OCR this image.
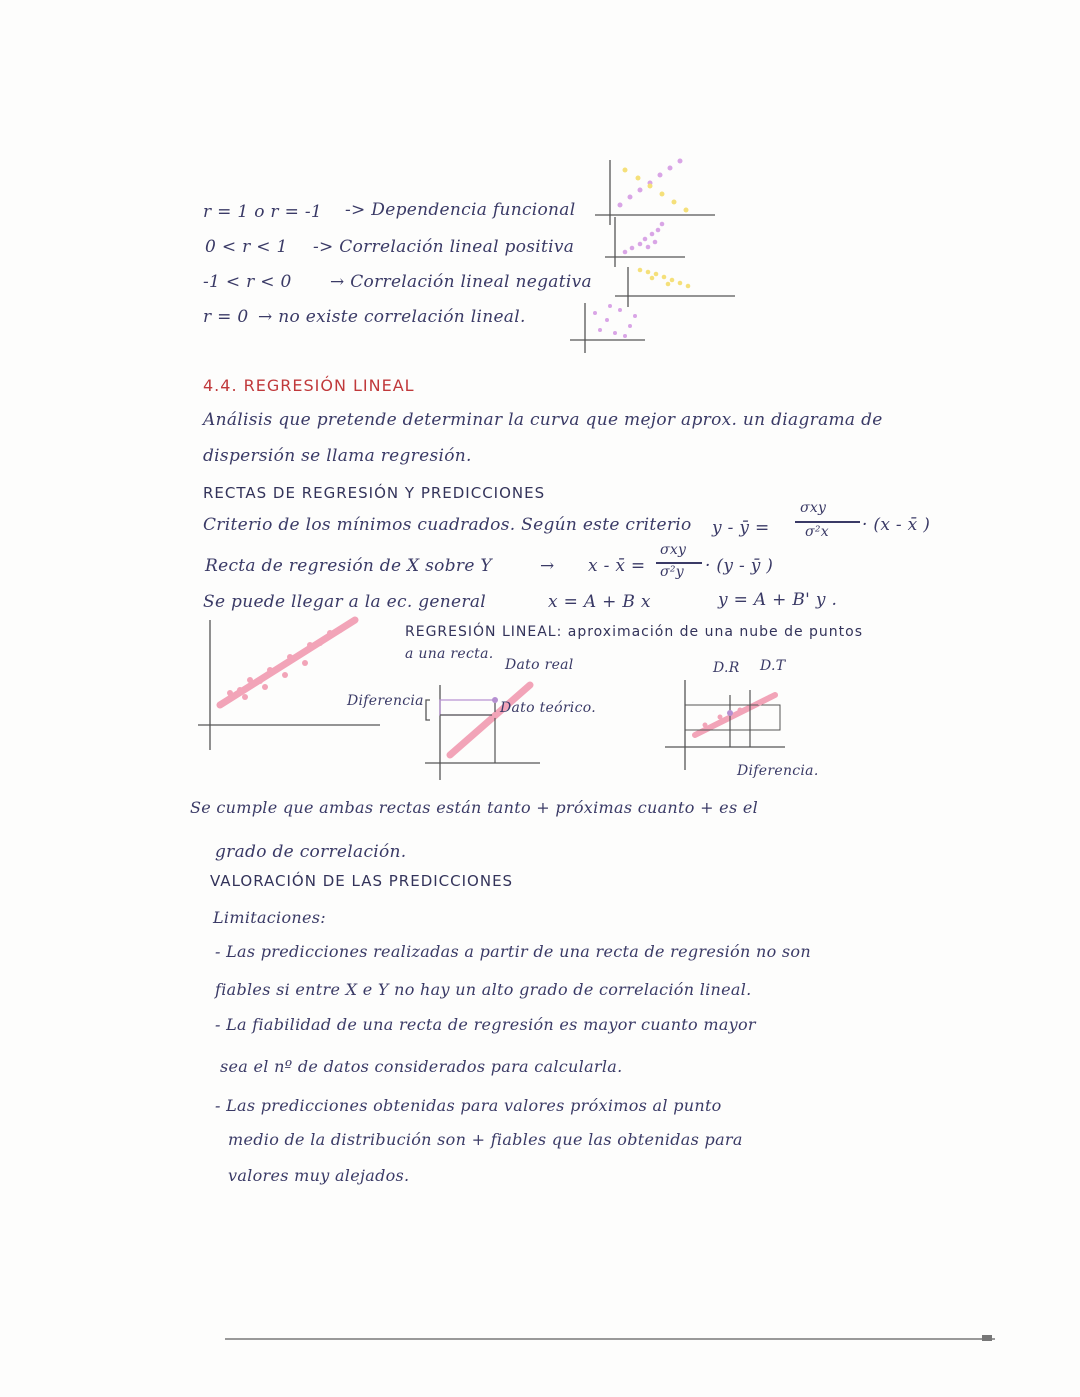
r = 1 o r = -1 -> Dependencia funcional
0 < r < 1 -> Correlación lineal positiva
-1 < r < 0 → Correlación lineal negativa
r = 0 → no existe correlación lineal.
4.4. REGRESIÓN LINEAL
Análisis que pretende determinar la curva que mejor aprox. un diagrama de
dispersión se llama regresión.
RECTAS DE REGRESIÓN Y PREDICCIONES
Criterio de los mínimos cuadrados. Según este criterio y - ȳ =
σxy
σ²x · (x - x̄ )
Recta de regresión de X sobre Y	→ x - x̄ =
σxy
σ²y · (y - ȳ )
Se puede llegar a la ec. general	x = A + B x	y = A + B' y .
REGRESIÓN LINEAL: aproximación de una nube de puntos
a una recta.
Diferencia
Dato real
Dato teórico.
D.R D.T
Diferencia.
Se cumple que ambas rectas están tanto + próximas cuanto + es el
grado de correlación.
VALORACIÓN DE LAS PREDICCIONES
Limitaciones:
- Las predicciones realizadas a partir de una recta de regresión no son
fiables si entre X e Y no hay un alto grado de correlación lineal.
- La fiabilidad de una recta de regresión es mayor cuanto mayor
sea el nº de datos considerados para calcularla.
- Las predicciones obtenidas para valores próximos al punto
medio de la distribución son + fiables que las obtenidas para
valores muy alejados.
